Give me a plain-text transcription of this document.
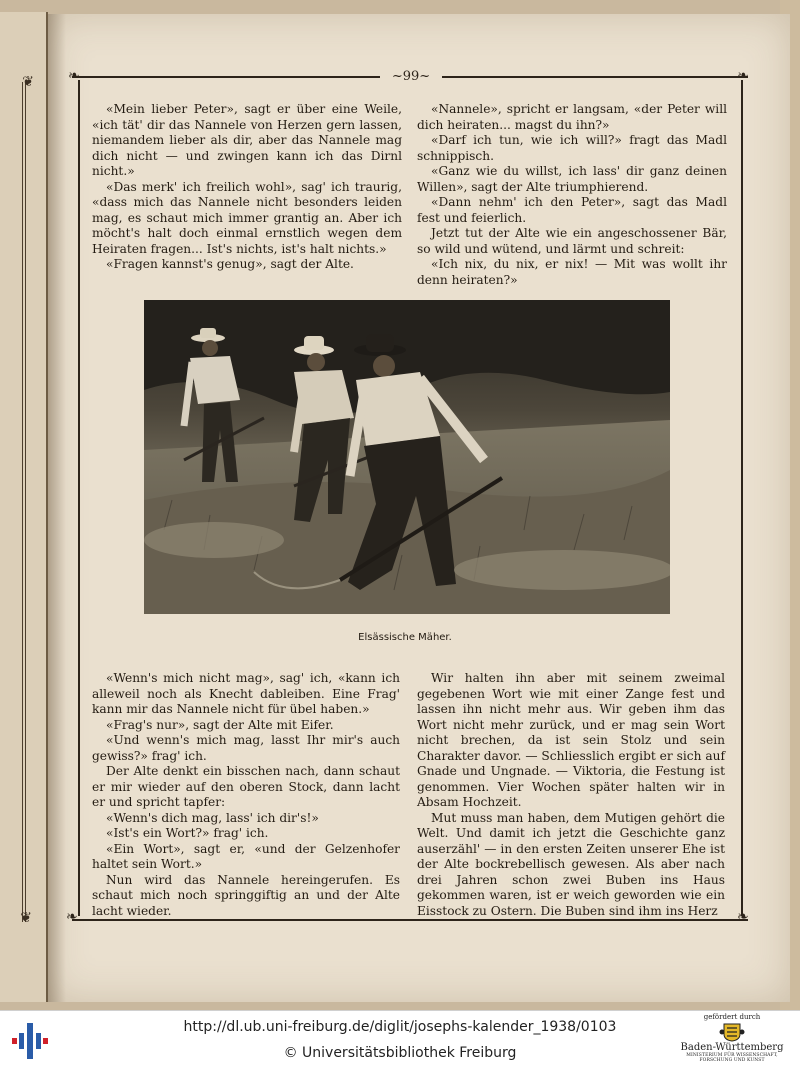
❦
❦
❧	❧
❧	❧
~99~

«Mein lieber Peter», sagt er über eine Weile, «ich tät' dir das Nannele von Herzen gern lassen, niemandem lieber als dir, aber das Nannele mag dich nicht — und zwingen kann ich das Dirnl nicht.»

«Das merk' ich freilich wohl», sag' ich traurig, «dass mich das Nannele nicht besonders leiden mag, es schaut mich immer grantig an. Aber ich möcht's halt doch einmal ernstlich wegen dem Heiraten fragen... Ist's nichts, ist's halt nichts.»

«Fragen kannst's genug», sagt der Alte.

«Nannele», spricht er langsam, «der Peter will dich heiraten... magst du ihn?»

«Darf ich tun, wie ich will?» fragt das Madl schnippisch.

«Ganz wie du willst, ich lass' dir ganz deinen Willen», sagt der Alte triumphierend.

«Dann nehm' ich den Peter», sagt das Madl fest und feierlich.

Jetzt tut der Alte wie ein angeschossener Bär, so wild und wütend, und lärmt und schreit:

«Ich nix, du nix, er nix! — Mit was wollt ihr denn heiraten?»

Elsässische Mäher.

«Wenn's mich nicht mag», sag' ich, «kann ich alleweil noch als Knecht dableiben. Eine Frag' kann mir das Nannele nicht für übel haben.»

«Frag's nur», sagt der Alte mit Eifer.

«Und wenn's mich mag, lasst Ihr mir's auch gewiss?» frag' ich.

Der Alte denkt ein bisschen nach, dann schaut er mir wieder auf den oberen Stock, dann lacht er und spricht tapfer:

«Wenn's dich mag, lass' ich dir's!»

«Ist's ein Wort?» frag' ich.

«Ein Wort», sagt er, «und der Gelzenhofer haltet sein Wort.»

Nun wird das Nannele hereingerufen. Es schaut mich noch springgiftig an und der Alte lacht wieder.

Wir halten ihn aber mit seinem zweimal gegebenen Wort wie mit einer Zange fest und lassen ihn nicht mehr aus. Wir geben ihm das Wort nicht mehr zurück, und er mag sein Wort nicht brechen, da ist sein Stolz und sein Charakter davor. — Schliesslich ergibt er sich auf Gnade und Ungnade. — Viktoria, die Festung ist genommen. Vier Wochen später halten wir in Absam Hochzeit.

Mut muss man haben, dem Mutigen gehört die Welt. Und damit ich jetzt die Geschichte ganz auserzähl' — in den ersten Zeiten unserer Ehe ist der Alte bockrebellisch gewesen. Als aber nach drei Jahren schon zwei Buben ins Haus gekommen waren, ist er weich geworden wie ein Eisstock zu Ostern. Die Buben sind ihm ins Herz

http://dl.ub.uni-freiburg.de/diglit/josephs-kalender_1938/0103
© Universitätsbibliothek Freiburg
gefördert durch
Baden-Württemberg
MINISTERIUM FÜR WISSENSCHAFT, FORSCHUNG UND KUNST
